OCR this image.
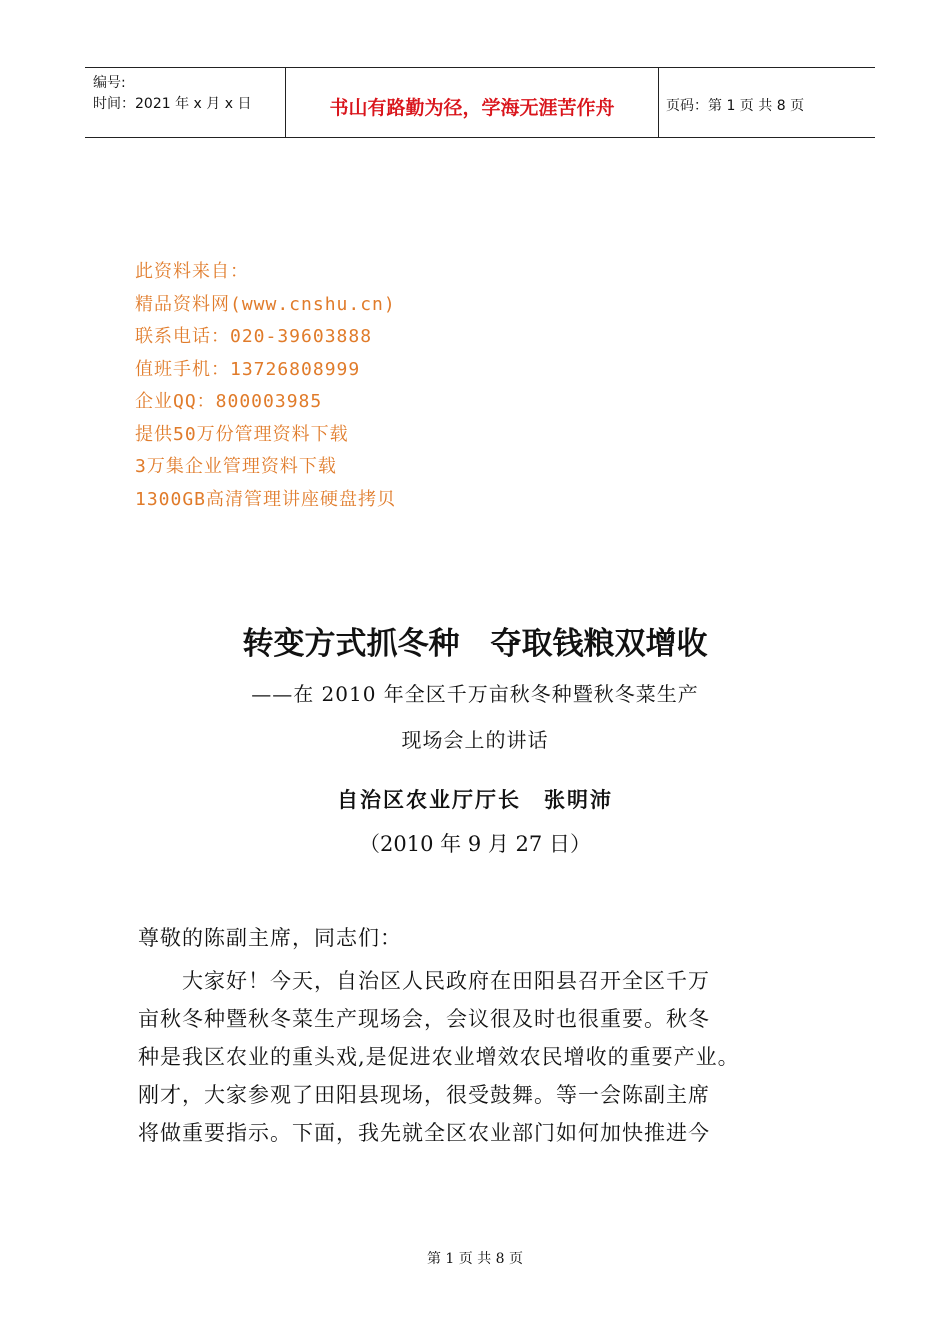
编号:
时间：2021 年 x 月 x 日	书山有路勤为径，学海无涯苦作舟	页码：第 1 页 共 8 页
此资料来自：
精品资料网(www.cnshu.cn)
联系电话：020-39603888
值班手机：13726808999
企业QQ：800003985
提供50万份管理资料下载
3万集企业管理资料下载
1300GB高清管理讲座硬盘拷贝
转变方式抓冬种　夺取钱粮双增收
——在 2010 年全区千万亩秋冬种暨秋冬菜生产
现场会上的讲话
自治区农业厅厅长　张明沛
（2010 年 9 月 27 日）
尊敬的陈副主席，同志们：
　　大家好！今天，自治区人民政府在田阳县召开全区千万
亩秋冬种暨秋冬菜生产现场会，会议很及时也很重要。秋冬
种是我区农业的重头戏,是促进农业增效农民增收的重要产业。
刚才，大家参观了田阳县现场，很受鼓舞。等一会陈副主席
将做重要指示。下面，我先就全区农业部门如何加快推进今
第 1 页 共 8 页
